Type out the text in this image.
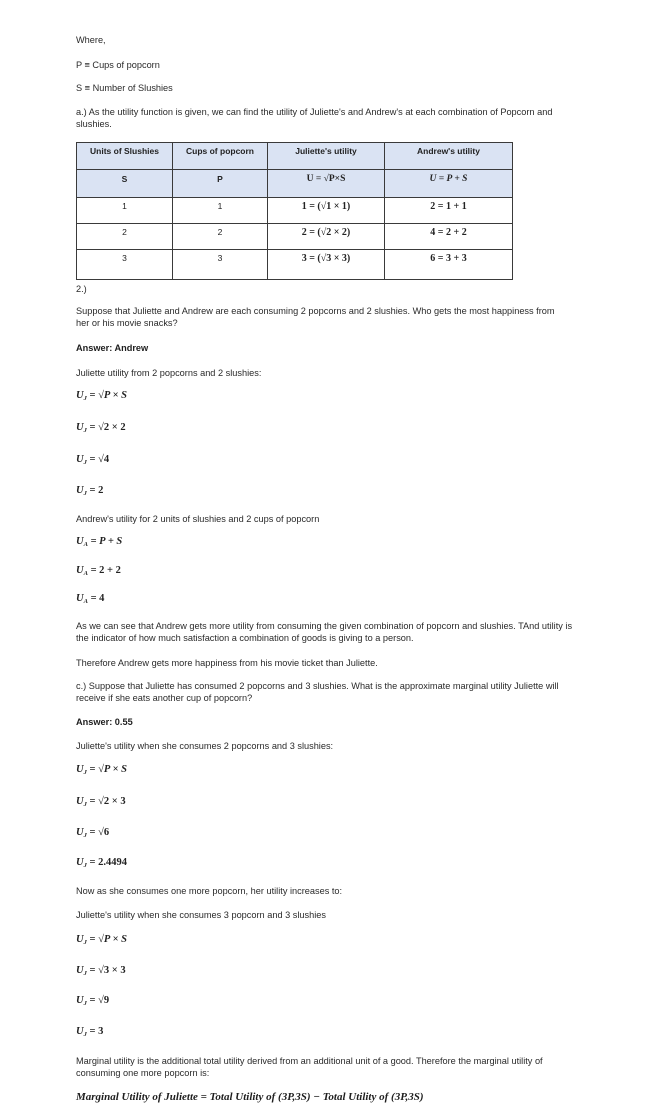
Where,
P ≡ Cups of popcorn
S ≡ Number of Slushies
a.) As the utility function is given, we can find the utility of Juliette's and Andrew's at each combination of Popcorn and slushies.
Units of Slushies	Cups of popcorn	Juliette's utility	Andrew's utility
S	P	U = √P×S	U = P + S
1	1	1 = (√1 × 1)	2 = 1 + 1
2	2	2 = (√2 × 2)	4 = 2 + 2
3	3	3 = (√3 × 3)	6 = 3 + 3
2.)
Suppose that Juliette and Andrew are each consuming 2 popcorns and 2 slushies. Who gets the most happiness from her or his movie snacks?
Answer: Andrew
Juliette utility from 2 popcorns and 2 slushies:
$U_J = √P \times S$
$U_J = √2 \times 2$
$U_J = √4$
$U_J = 2$
Andrew's utility for 2 units of slushies and 2 cups of popcorn
$U_A = P + S$
$U_A = 2 + 2$
$U_A = 4$
As we can see that Andrew gets more utility from consuming the given combination of popcorn and slushies. TAnd utility is the indicator of how much satisfaction a combination of goods is giving to a person.
Therefore Andrew gets more happiness from his movie ticket than Juliette.
c.) Suppose that Juliette has consumed 2 popcorns and 3 slushies. What is the approximate marginal utility Juliette will receive if she eats another cup of popcorn?
Answer: 0.55
Juliette's utility when she consumes 2 popcorns and 3 slushies:
$U_J = √P \times S$
$U_J = √2 \times 3$
$U_J = √6$
$U_J = 2.4494$
Now as she consumes one more popcorn, her utility increases to:
Juliette's utility when she consumes 3 popcorn and 3 slushies
$U_J = √P \times S$
$U_J = √3 \times 3$
$U_J = √9$
$U_J = 3$
Marginal utility is the additional total utility derived from an additional unit of a good. Therefore the marginal utility of consuming one more popcorn is:
Marginal Utility of Juliette = Total Utility of (3P,3S) − Total Utility of (3P,3S)
